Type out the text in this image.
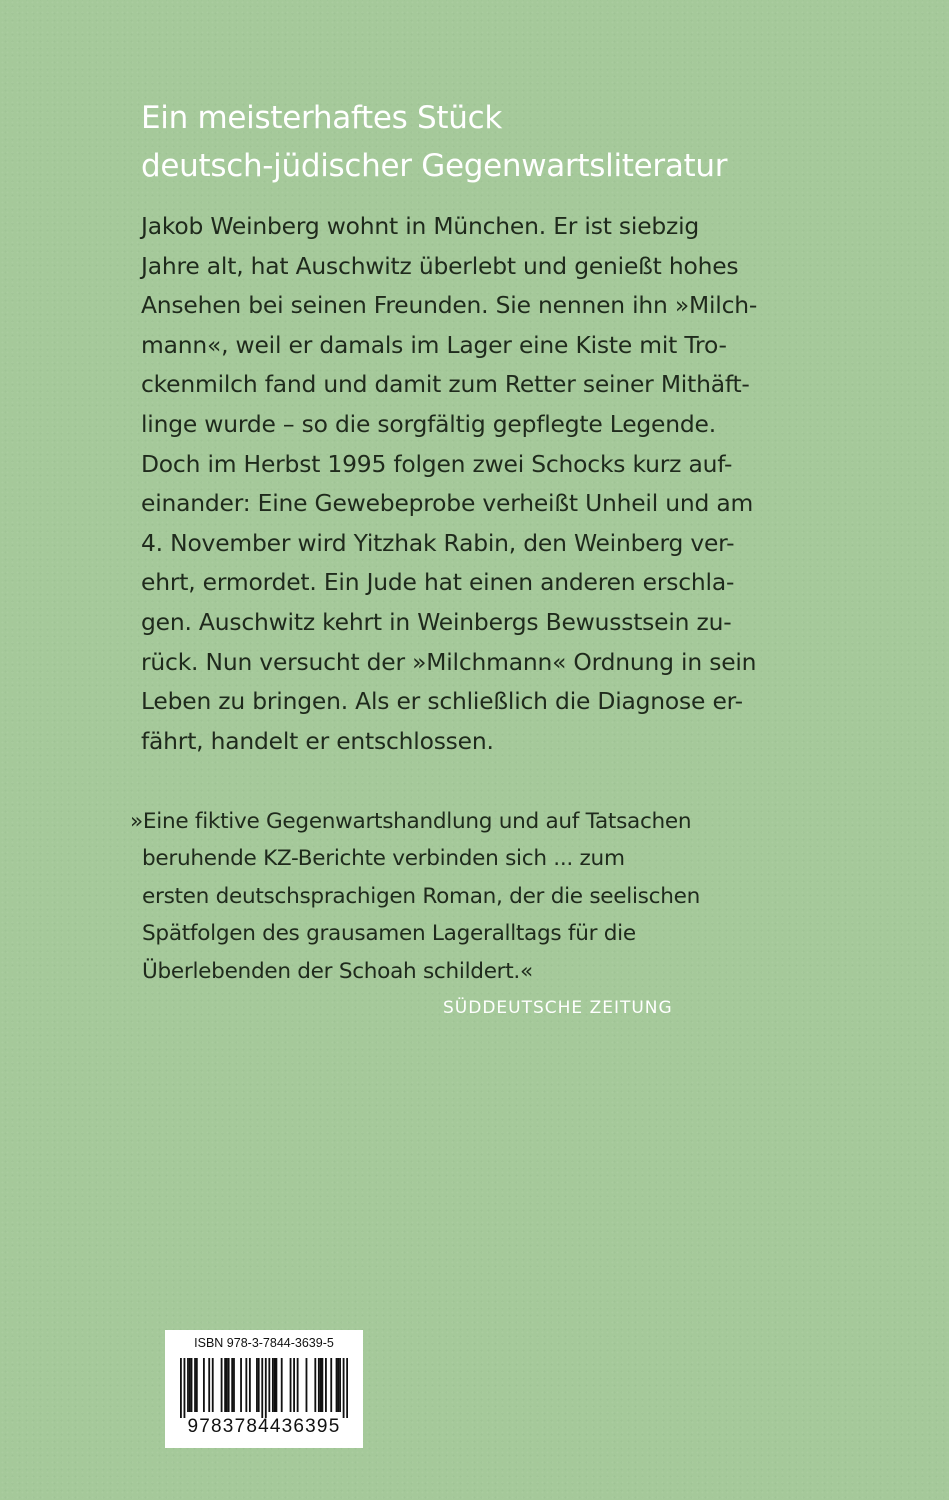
Ein meisterhaftes Stück
deutsch-jüdischer Gegenwartsliteratur

Jakob Weinberg wohnt in München. Er ist siebzig
Jahre alt, hat Auschwitz überlebt und genießt hohes
Ansehen bei seinen Freunden. Sie nennen ihn »Milch-
mann«, weil er damals im Lager eine Kiste mit Tro-
ckenmilch fand und damit zum Retter seiner Mithäft-
linge wurde – so die sorgfältig gepflegte Legende.
Doch im Herbst 1995 folgen zwei Schocks kurz auf-
einander: Eine Gewebeprobe verheißt Unheil und am
4. November wird Yitzhak Rabin, den Weinberg ver-
ehrt, ermordet. Ein Jude hat einen anderen erschla-
gen. Auschwitz kehrt in Weinbergs Bewusstsein zu-
rück. Nun versucht der »Milchmann« Ordnung in sein
Leben zu bringen. Als er schließlich die Diagnose er-
fährt, handelt er entschlossen.

»Eine fiktive Gegenwartshandlung und auf Tatsachen
beruhende KZ-Berichte verbinden sich ... zum
ersten deutschsprachigen Roman, der die seelischen
Spätfolgen des grausamen Lageralltags für die
Überlebenden der Schoah schildert.«

SÜDDEUTSCHE ZEITUNG
ISBN 978-3-7844-3639-5
9783784436395
